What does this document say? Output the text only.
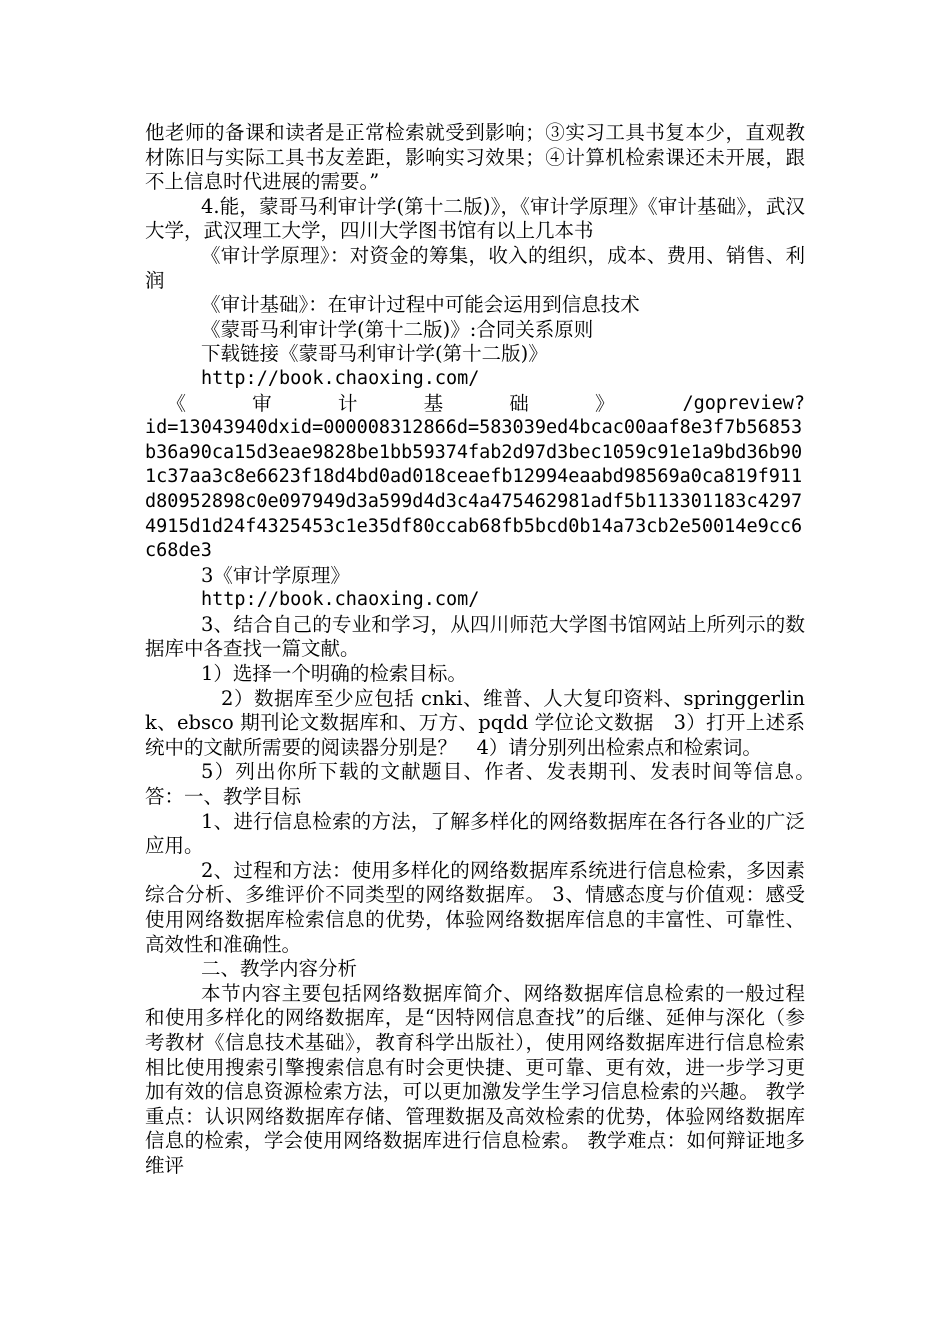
他老师的备课和读者是正常检索就受到影响；③实习工具书复本少，直观教材陈旧与实际工具书友差距，影响实习效果；④计算机检索课还未开展，跟不上信息时代进展的需要。”

4.能，蒙哥马利审计学(第十二版)》，《审计学原理》《审计基础》，武汉大学，武汉理工大学，四川大学图书馆有以上几本书

《审计学原理》：对资金的筹集，收入的组织，成本、费用、销售、利润

《审计基础》：在审计过程中可能会运用到信息技术

《蒙哥马利审计学(第十二版)》:合同关系原则

下载链接《蒙哥马利审计学(第十二版)》

http://book.chaoxing.com/

《 审 计 基 础 》 /gopreview?

id=13043940dxid=000008312866d=583039ed4bcac00aaf8e3f7b56853b36a90ca15d3eae9828be1bb59374fab2d97d3bec1059c91e1a9bd36b901c37aa3c8e6623f18d4bd0ad018ceaefb12994eaabd98569a0ca819f911d80952898c0e097949d3a599d4d3c4a475462981adf5b113301183c42974915d1d24f4325453c1e35df80ccab68fb5bcd0b14a73cb2e50014e9cc6c68de3

3《审计学原理》

http://book.chaoxing.com/

3、结合自己的专业和学习，从四川师范大学图书馆网站上所列示的数据库中各查找一篇文献。

1）选择一个明确的检索目标。

2）数据库至少应包括 cnki、维普、人大复印资料、springgerlink、ebsco 期刊论文数据库和、万方、pqdd 学位论文数据　3）打开上述系统中的文献所需要的阅读器分别是？　4）请分别列出检索点和检索词。

5）列出你所下载的文献题目、作者、发表期刊、发表时间等信息。　答：一、教学目标

1、进行信息检索的方法，了解多样化的网络数据库在各行各业的广泛应用。

2、过程和方法：使用多样化的网络数据库系统进行信息检索，多因素综合分析、多维评价不同类型的网络数据库。 3、情感态度与价值观：感受使用网络数据库检索信息的优势，体验网络数据库信息的丰富性、可靠性、高效性和准确性。

二、教学内容分析

本节内容主要包括网络数据库简介、网络数据库信息检索的一般过程和使用多样化的网络数据库，是“因特网信息查找”的后继、延伸与深化（参考教材《信息技术基础》，教育科学出版社），使用网络数据库进行信息检索相比使用搜索引擎搜索信息有时会更快捷、更可靠、更有效，进一步学习更加有效的信息资源检索方法，可以更加激发学生学习信息检索的兴趣。 教学重点：认识网络数据库存储、管理数据及高效检索的优势，体验网络数据库信息的检索，学会使用网络数据库进行信息检索。 教学难点：如何辩证地多维评
